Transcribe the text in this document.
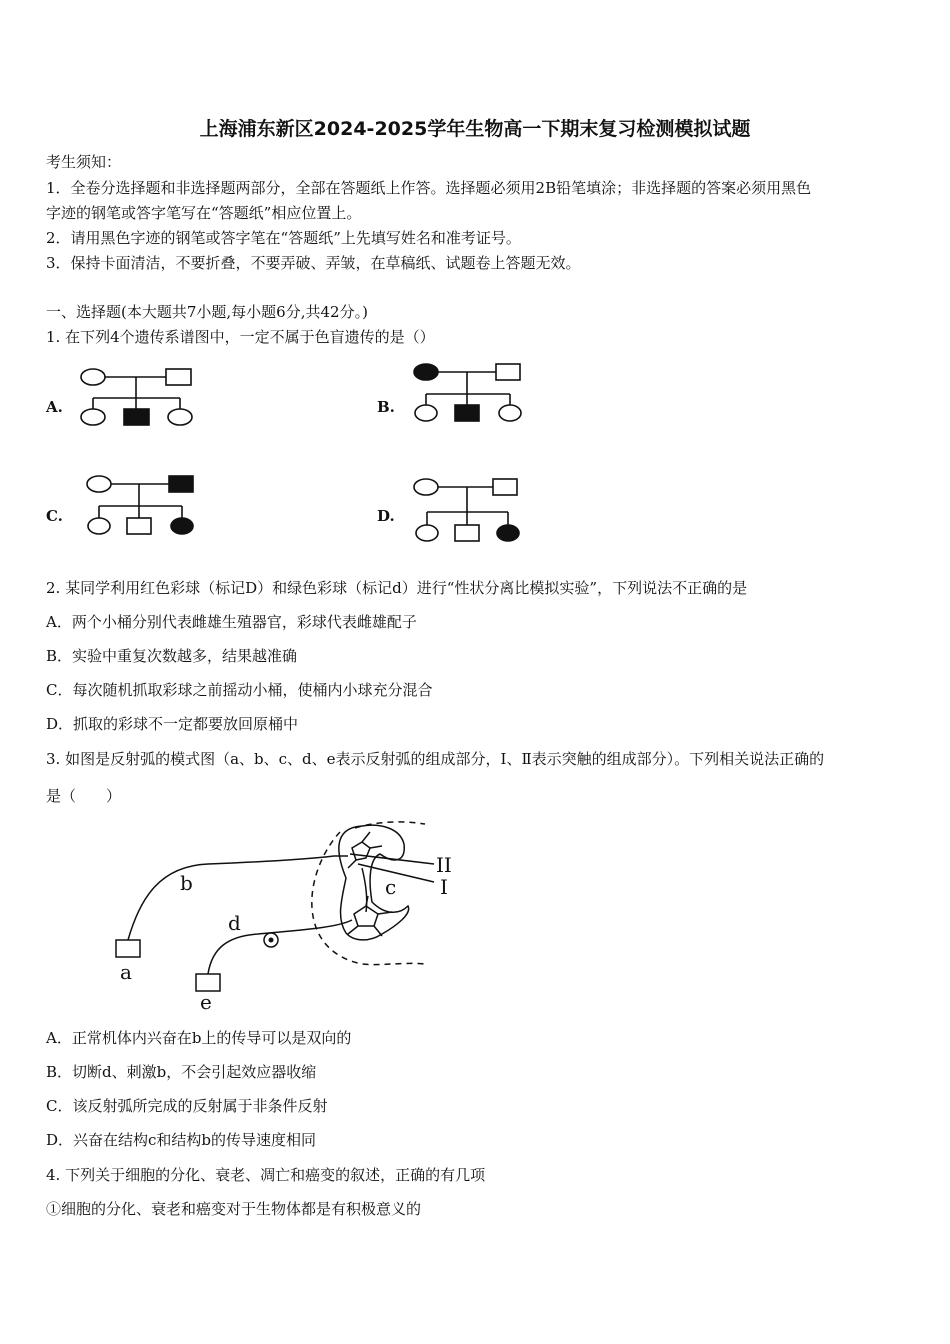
上海浦东新区2024-2025学年生物高一下期末复习检测模拟试题
考生须知：
1．全卷分选择题和非选择题两部分，全部在答题纸上作答。选择题必须用2B铅笔填涂；非选择题的答案必须用黑色
字迹的钢笔或答字笔写在“答题纸”相应位置上。
2．请用黑色字迹的钢笔或答字笔在“答题纸”上先填写姓名和准考证号。
3．保持卡面清洁，不要折叠，不要弄破、弄皱，在草稿纸、试题卷上答题无效。
一、选择题(本大题共7小题,每小题6分,共42分。)
1. 在下列4个遗传系谱图中，一定不属于色盲遗传的是（）
A.	B.
C.	D.
2. 某同学利用红色彩球（标记D）和绿色彩球（标记d）进行“性状分离比模拟实验”，下列说法不正确的是
A．两个小桶分别代表雌雄生殖器官，彩球代表雌雄配子
B．实验中重复次数越多，结果越准确
C．每次随机抓取彩球之前摇动小桶，使桶内小球充分混合
D．抓取的彩球不一定都要放回原桶中
3. 如图是反射弧的模式图（a、b、c、d、e表示反射弧的组成部分，Ⅰ、Ⅱ表示突触的组成部分）。下列相关说法正确的
是（　　）
a
b	c
d
e
II
I
A．正常机体内兴奋在b上的传导可以是双向的
B．切断d、刺激b，不会引起效应器收缩
C．该反射弧所完成的反射属于非条件反射
D．兴奋在结构c和结构b的传导速度相同
4. 下列关于细胞的分化、衰老、凋亡和癌变的叙述，正确的有几项
①细胞的分化、衰老和癌变对于生物体都是有积极意义的
